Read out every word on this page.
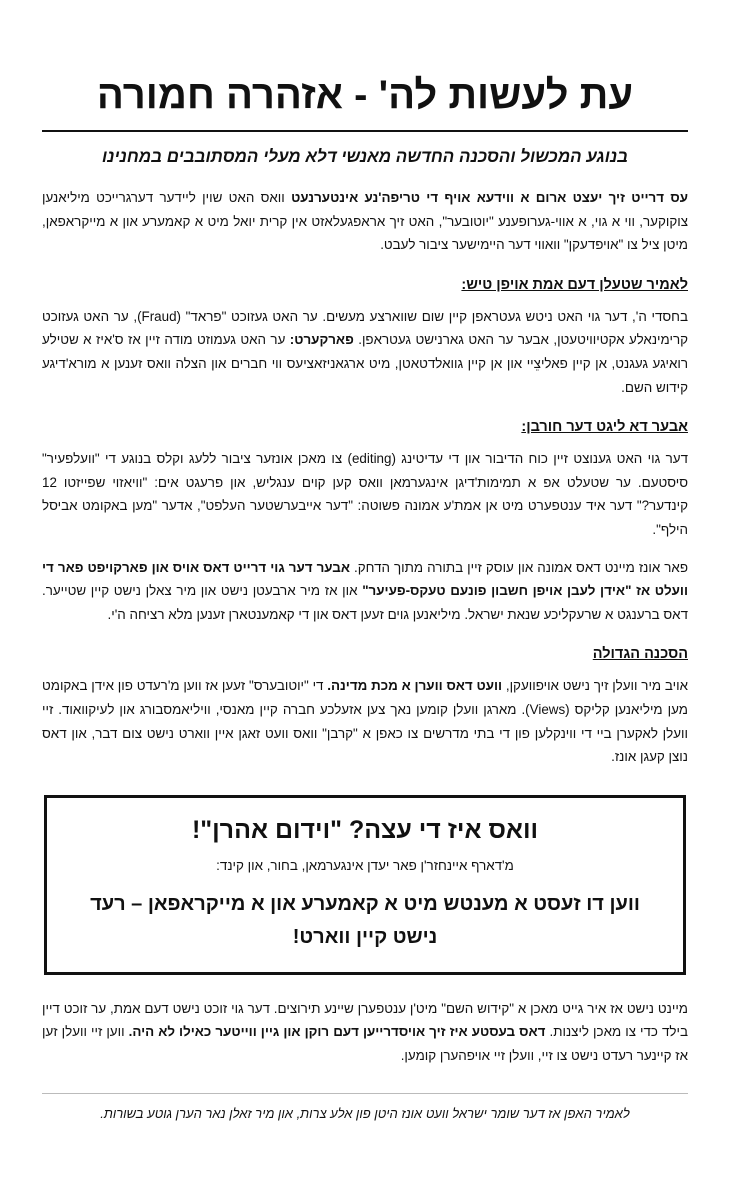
עת לעשות לה' - אזהרה חמורה
בנוגע המכשול והסכנה החדשה מאנשי דלא מעלי המסתובבים במחנינו

עס דרייט זיך יעצט ארום א ווידעא אויף די טריפה'נע אינטערנעט וואס האט שוין ליידער דערגרייכט מיליאנען צוקוקער, ווי א גוי, א אווי-גערופענע "יוטובער", האט זיך אראפגעלאזט אין קרית יואל מיט א קאמערע און א מייקראפאן, מיטן ציל צו "אויפדעקן" וואווי דער היימישער ציבור לעבט.

לאמיר שטעלן דעם אמת אויפן טיש:

בחסדי ה', דער גוי האט ניטש געטראפן קיין שום שווארצע מעשים. ער האט געזוכט "פראד" (Fraud), ער האט געזוכט קרימינאלע אקטיוויטעטן, אבער ער האט גארנישט געטראפן. פארקערט: ער האט געמוזט מודה זיין אז ס'איז א שטילע רואיגע געגנט, אן קיין פאליצֵיי און אן קיין גוואלדטאטן, מיט ארגאניזאציעס ווי חברים און הצלה וואס זענען א מורא'דיגע קידוש השם.

אבער דא ליגט דער חורבן:

דער גוי האט גענוצט זיין כוח הדיבור און די עדיטינג (editing) צו מאכן אונזער ציבור ללעג וקלס בנוגע די "וועלפעיר" סיסטעם. ער שטעלט אפ א תמימות'דיגן אינגערמאן וואס קען קוים ענגליש, און פרעגט אים: "וויאזוי שפייזטו 12 קינדער?" דער איד ענטפערט מיט אן אמת'ע אמונה פשוטה: "דער אייבערשטער העלפט", אדער "מען באקומט אביסל הילף".

פאר אונז מיינט דאס אמונה און עוסק זיין בתורה מתוך הדחק. אבער דער גוי דרייט דאס אויס און פארקויפט פאר די וועלט אז "אידן לעבן אויפן חשבון פונעם טעקס-פעיער" און אז מיר ארבעטן נישט און מיר צאלן נישט קיין שטייער. דאס ברענגט א שרעקליכע שנאת ישראל. מיליאנען גוים זעען דאס און די קאמענטארן זענען מלא רציחה ה'י.

הסכנה הגדולה

אויב מיר וועלן זיך נישט אויפוועקן, וועט דאס ווערן א מכת מדינה. די "יוטובערס" זעען אז ווען מ'רעדט פון אידן באקומט מען מיליאנען קליקס (Views). מארגן וועלן קומען נאך צען אזעלכע חברה קיין מאנסי, וויליאמסבורג און לעיקוואוד. זיי וועלן לאקערן ביי די ווינקלען פון די בתי מדרשים צו כאפן א "קרבן" וואס וועט זאגן איין ווארט נישט צום דבר, און דאס נוצן קעגן אונז.

וואס איז די עצה? "וידום אהרן"!
מ'דארף איינחזר'ן פאר יעדן אינגערמאן, בחור, און קינד:
ווען דו זעסט א מענטש מיט א קאמערע און א מייקראפאן – רעד נישט קיין ווארט!

מיינט נישט אז איר גייט מאכן א "קידוש השם" מיט'ן ענטפערן שיינע תירוצים. דער גוי זוכט נישט דעם אמת, ער זוכט דיין בילד כדי צו מאכן ליצנות. דאס בעסטע איז זיך אויסדרייען דעם רוקן און גיין ווייטער כאילו לא היה. ווען זיי וועלן זען אז קיינער רעדט נישט צו זיי, וועלן זיי אויפהערן קומען.

לאמיר האפן אז דער שומר ישראל וועט אונז היטן פון אלע צרות, און מיר זאלן נאר הערן גוטע בשורות.
